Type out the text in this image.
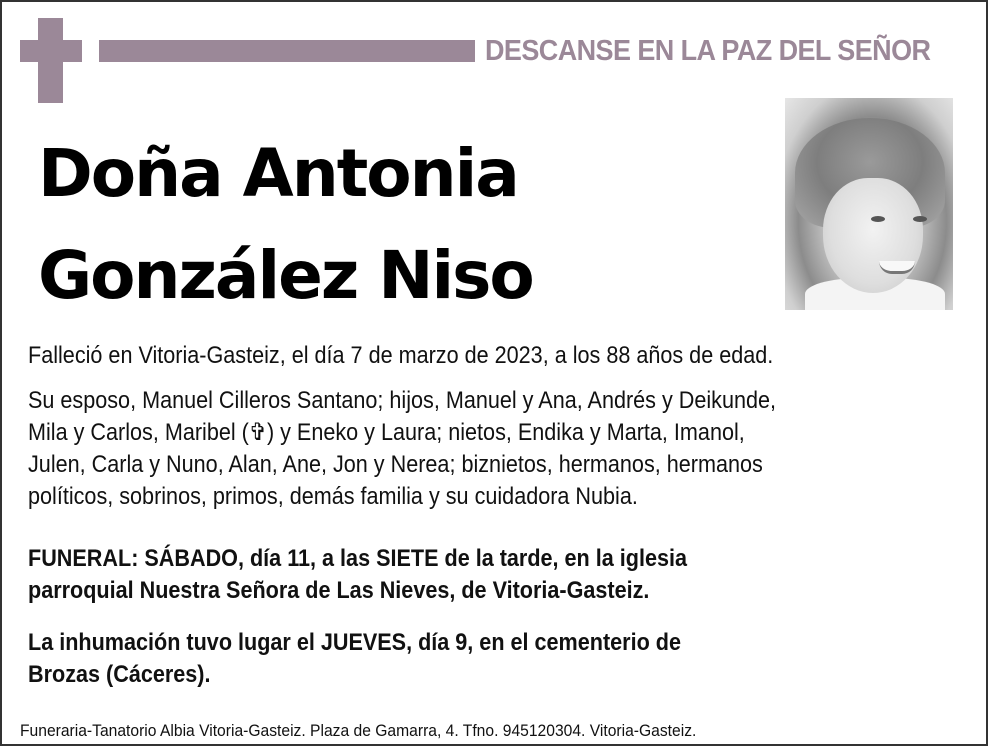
DESCANSE EN LA PAZ DEL SEÑOR
Doña Antonia
González Niso
Falleció en Vitoria-Gasteiz, el día 7 de marzo de 2023, a los 88 años de edad.
Su esposo, Manuel Cilleros Santano; hijos, Manuel y Ana, Andrés y Deikunde,
Mila y Carlos, Maribel (✞) y Eneko y Laura; nietos, Endika y Marta, Imanol,
Julen, Carla y Nuno, Alan, Ane, Jon y Nerea; biznietos, hermanos, hermanos
políticos, sobrinos, primos, demás familia y su cuidadora Nubia.
FUNERAL: SÁBADO, día 11, a las SIETE de la tarde, en la iglesia
parroquial Nuestra Señora de Las Nieves, de Vitoria-Gasteiz.
La inhumación tuvo lugar el JUEVES, día 9, en el cementerio de
Brozas (Cáceres).
Funeraria-Tanatorio Albia Vitoria-Gasteiz. Plaza de Gamarra, 4. Tfno. 945120304. Vitoria-Gasteiz.
